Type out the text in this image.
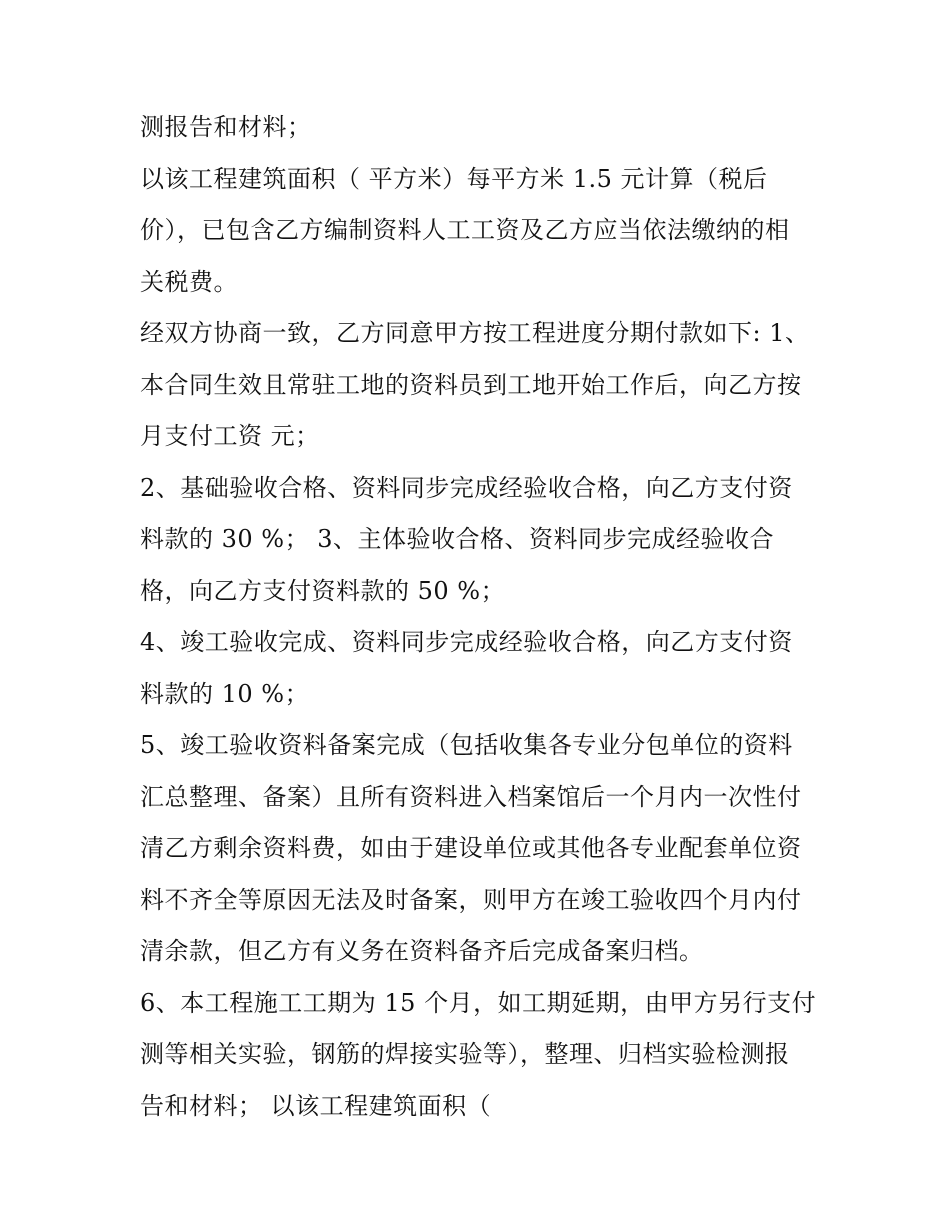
测报告和材料；
以该工程建筑面积（ 平方米）每平方米 1.5 元计算（税后
价），已包含乙方编制资料人工工资及乙方应当依法缴纳的相
关税费。
经双方协商一致，乙方同意甲方按工程进度分期付款如下: 1、
本合同生效且常驻工地的资料员到工地开始工作后，向乙方按
月支付工资 元；
2、基础验收合格、资料同步完成经验收合格，向乙方支付资
料款的 30 %； 3、主体验收合格、资料同步完成经验收合
格，向乙方支付资料款的 50 %；
4、竣工验收完成、资料同步完成经验收合格，向乙方支付资
料款的 10 %；
5、竣工验收资料备案完成（包括收集各专业分包单位的资料
汇总整理、备案）且所有资料进入档案馆后一个月内一次性付
清乙方剩余资料费，如由于建设单位或其他各专业配套单位资
料不齐全等原因无法及时备案，则甲方在竣工验收四个月内付
清余款，但乙方有义务在资料备齐后完成备案归档。
6、本工程施工工期为 15 个月，如工期延期，由甲方另行支付
测等相关实验，钢筋的焊接实验等），整理、归档实验检测报
告和材料； 以该工程建筑面积（
